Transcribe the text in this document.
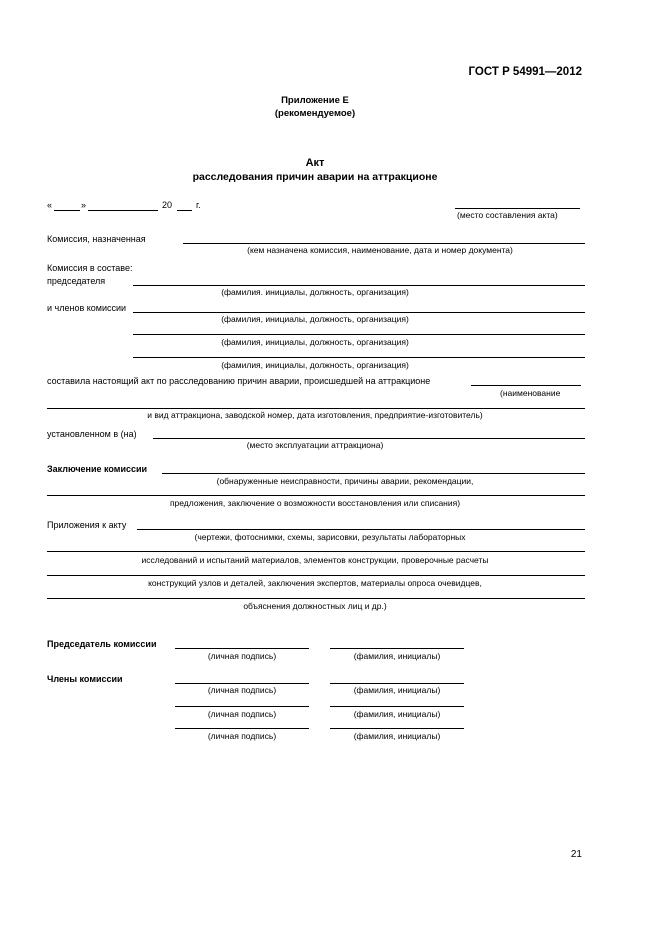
ГОСТ Р 54991—2012
Приложение Е
(рекомендуемое)
Акт
расследования причин аварии на аттракционе
«	»	20	г.
(место составления акта)
Комиссия, назначенная
(кем назначена комиссия, наименование, дата и номер документа)
Комиссия в составе:
председателя
(фамилия. инициалы, должность, организация)
и членов комиссии
(фамилия, инициалы, должность, организация)
(фамилия, инициалы, должность, организация)
(фамилия, инициалы, должность, организация)
составила настоящий акт по расследованию причин аварии, происшедшей на аттракционе
(наименование
и вид аттракциона, заводской номер, дата изготовления, предприятие-изготовитель)
установленном в (на)
(место эксплуатации аттракциона)
Заключение комиссии
(обнаруженные неисправности, причины аварии, рекомендации,
предложения, заключение о возможности восстановления или списания)
Приложения к акту
(чертежи, фотоснимки, схемы, зарисовки, результаты лабораторных
исследований и испытаний материалов, элементов конструкции, проверочные расчеты
конструкций узлов и деталей, заключения экспертов, материалы опроса очевидцев,
объяснения должностных лиц и др.)
Председатель комиссии
(личная подпись)	(фамилия, инициалы)
Члены комиссии
(личная подпись)	(фамилия, инициалы)
(личная подпись)	(фамилия, инициалы)
(личная подпись)	(фамилия, инициалы)
21
